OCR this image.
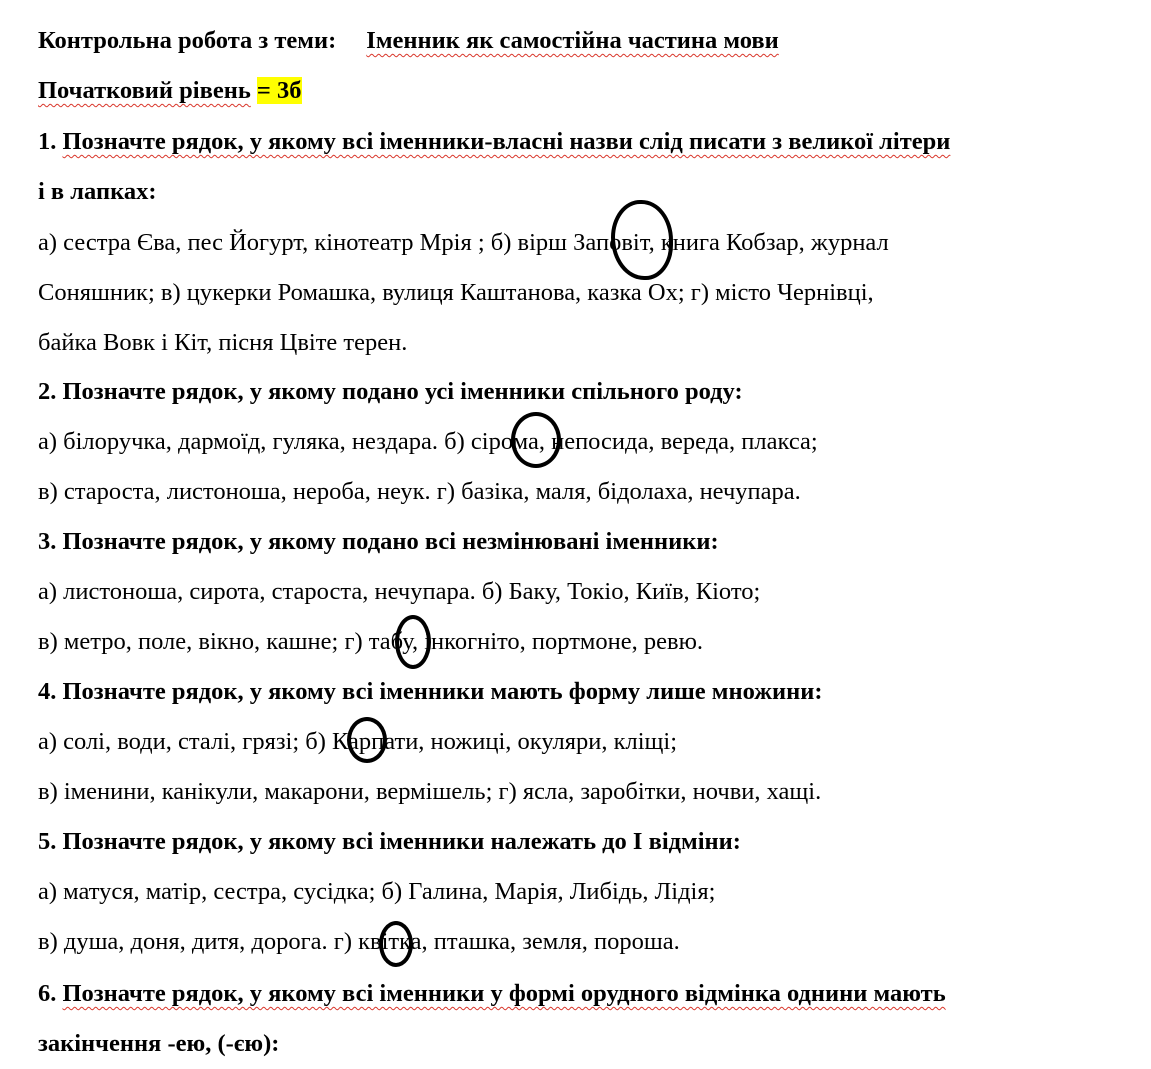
Контрольна робота з теми: Іменник як самостійна частина мови
Початковий рівень = 3б
1. Позначте рядок, у якому всі іменники-власні назви слід писати з великої літери
і в лапках:
а) сестра Єва, пес Йогурт, кінотеатр Мрія ; б) вірш Заповіт, книга Кобзар, журнал
Соняшник; в) цукерки Ромашка, вулиця Каштанова, казка Ох; г) місто Чернівці,
байка Вовк і Кіт, пісня Цвіте терен.
2. Позначте рядок, у якому подано усі іменники спільного роду:
а) білоручка, дармоїд, гуляка, нездара. б) сірома, непосида, вереда, плакса;
в) староста, листоноша, нероба, неук. г) базіка, маля, бідолаха, нечупара.
3. Позначте рядок, у якому подано всі незмінювані іменники:
а) листоноша, сирота, староста, нечупара. б) Баку, Токіо, Київ, Кіото;
в) метро, поле, вікно, кашне; г) табу, інкогніто, портмоне, ревю.
4. Позначте рядок, у якому всі іменники мають форму лише множини:
а) солі, води, сталі, грязі; б) Карпати, ножиці, окуляри, кліщі;
в) іменини, канікули, макарони, вермішель; г) ясла, заробітки, ночви, хащі.
5. Позначте рядок, у якому всі іменники належать до І відміни:
а) матуся, матір, сестра, сусідка; б) Галина, Марія, Либідь, Лідія;
в) душа, доня, дитя, дорога. г) квітка, пташка, земля, пороша.
6. Позначте рядок, у якому всі іменники у формі орудного відмінка однини мають
закінчення -ею, (-єю):
